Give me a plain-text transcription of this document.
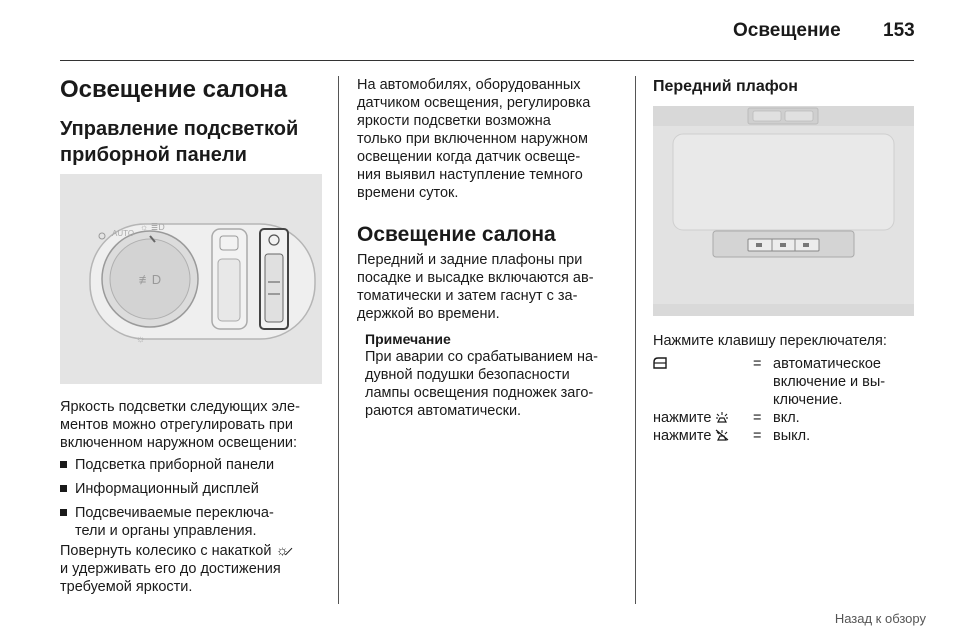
Освещение 153
Освещение салона
Управление подсветкой
приборной панели
≢D
AUTO
☼ ≣D
☼
Яркость подсветки следующих эле-
ментов можно отрегулировать при
включенном наружном освещении:
Подсветка приборной панели
Информационный дисплей
Подсвечиваемые переключа-
тели и органы управления.
Повернуть колесико с накаткой ☼̷
и удерживать его до достижения
требуемой яркости.
На автомобилях, оборудованных
датчиком освещения, регулировка
яркости подсветки возможна
только при включенном наружном
освещении когда датчик освеще-
ния выявил наступление темного
времени суток.
Освещение салона
Передний и задние плафоны при
посадке и высадке включаются ав-
томатически и затем гаснут с за-
держкой во времени.
Примечание
При аварии со срабатыванием на-
дувной подушки безопасности
лампы освещения подножек заго-
раются автоматически.
Передний плафон
Нажмите клавишу переключателя:
= автоматическое
включение и вы-
ключение.
нажмите	= вкл.
нажмите	= выкл.
Назад к обзору
